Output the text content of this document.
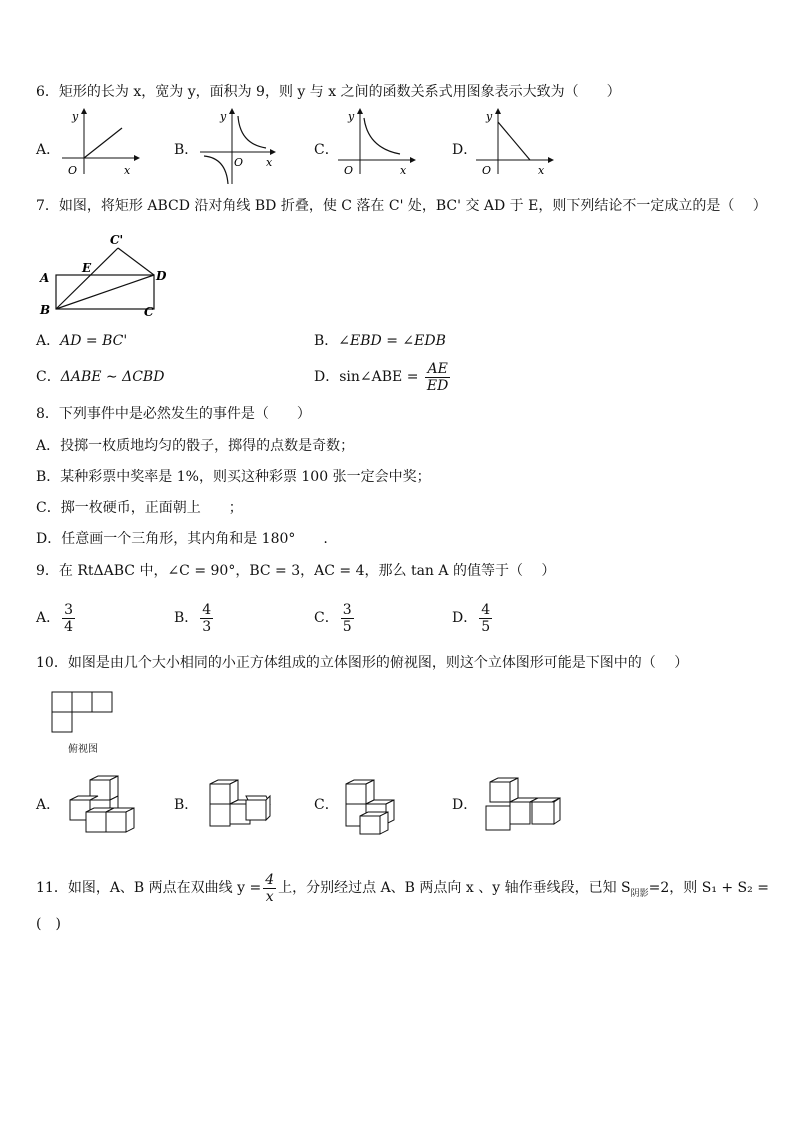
6．矩形的长为 x，宽为 y，面积为 9，则 y 与 x 之间的函数关系式用图象表示大致为（　　）
A．
y
x
O
B．
y
x
O
C．
y
x
O
D．
y
x
O
7．如图，将矩形 ABCD 沿对角线 BD 折叠，使 C 落在 C' 处，BC' 交 AD 于 E，则下列结论不一定成立的是（　 ）
A
B	C
D
E
C'
A．AD = BC'	B．∠EBD = ∠EDB
C．ΔABE ∼ ΔCBD	D．sin∠ABE = $\frac{AE}{ED}$
8．下列事件中是必然发生的事件是（　　）
A．投掷一枚质地均匀的骰子，掷得的点数是奇数；
B．某种彩票中奖率是 1%，则买这种彩票 100 张一定会中奖；
C．掷一枚硬币，正面朝上　　；
D．任意画一个三角形，其内角和是 180°　　.
9．在 RtΔABC 中，∠C = 90°，BC = 3，AC = 4，那么 tan A 的值等于（　 ）
A． $\frac{3}{4}$	B． $\frac{4}{3}$	C． $\frac{3}{5}$	D． $\frac{4}{5}$
10．如图是由几个大小相同的小正方体组成的立体图形的俯视图，则这个立体图形可能是下图中的（　 ）
俯视图
A．	B．	C．	D．
11．如图，A、B 两点在双曲线 $y = \frac{4}{x}$ 上，分别经过点 A、B 两点向 x 、y 轴作垂线段，已知 $S_{阴影}=2$，则 S₁ + S₂ =
(　)
